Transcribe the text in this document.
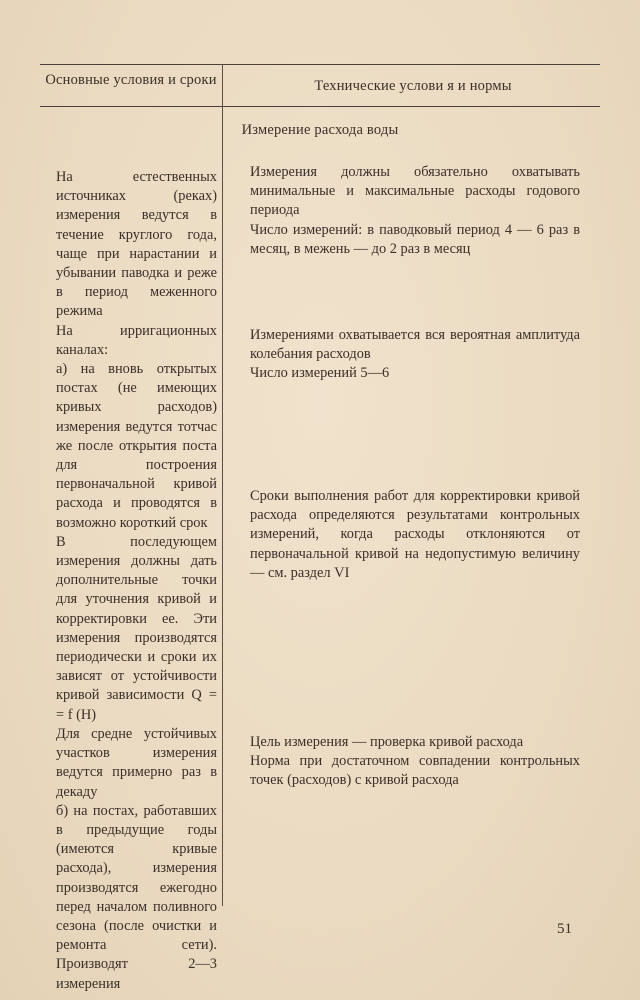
Основные условия и сроки	Технические услови я и нормы
Измерение расхода воды

На естественных источниках (реках) измерения ведутся в течение круглого года, чаще при нарастании и убывании паводка и реже в период меженного режима

На ирригационных каналах:

а) на вновь открытых постах (не имеющих кривых расходов) измерения ведутся тотчас же после открытия поста для построения первоначальной кривой расхода и проводятся в возможно короткий срок

В последующем измерения должны дать дополнительные точки для уточнения кривой и корректировки ее. Эти измерения производятся периодически и сроки их зависят от устойчивости кривой зависимости Q = = f (H)

Для средне устойчивых участков измерения ведутся примерно раз в декаду

б) на постах, работавших в предыдущие годы (имеются кривые расхода), измерения производятся ежегодно перед началом поливного сезона (после очистки и ремонта сети). Производят 2—3 измерения

Измерения должны обязательно охватывать минимальные и максимальные расходы годового периода

Число измерений: в паводковый период 4 — 6 раз в месяц, в межень — до 2 раз в месяц

Измерениями охватывается вся вероятная амплитуда колебания расходов

Число измерений 5—6

Сроки выполнения работ для корректировки кривой расхода определяются результатами контрольных измерений, когда расходы отклоняются от первоначальной кривой на недопустимую величину — см. раздел VI

Цель измерения — проверка кривой расхода

Норма при достаточном совпадении контрольных точек (расходов) с кривой расхода

51
